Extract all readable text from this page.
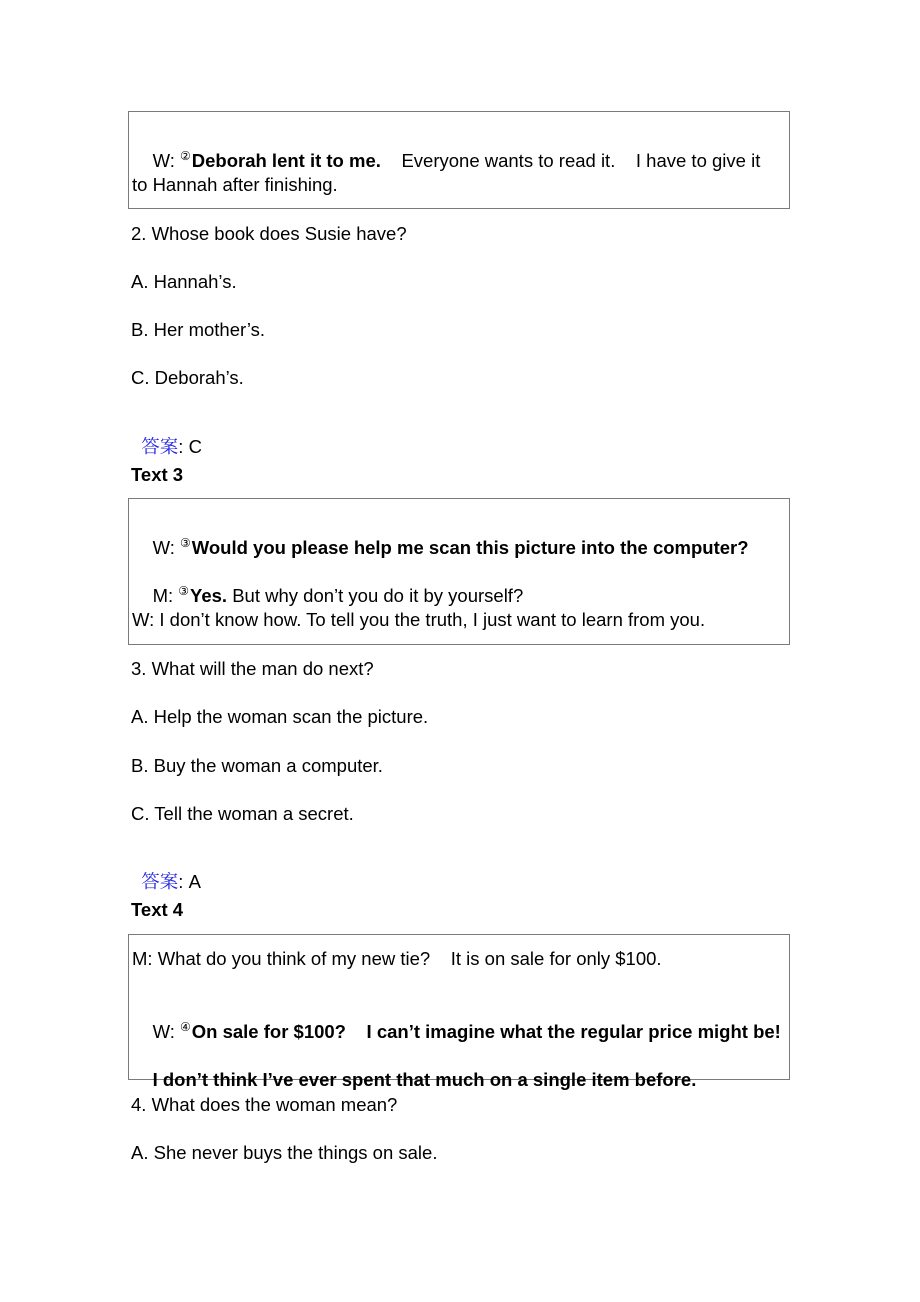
W: ②Deborah lent it to me.    Everyone wants to read it.    I have to give it

to Hannah after finishing.
2. Whose book does Susie have?
A. Hannah’s.
B. Her mother’s.
C. Deborah’s.

答案: C

Text 3

W: ③Would you please help me scan this picture into the computer?

M: ③Yes. But why don’t you do it by yourself?

W: I don’t know how. To tell you the truth, I just want to learn from you.
3. What will the man do next?
A. Help the woman scan the picture.
B. Buy the woman a computer.
C. Tell the woman a secret.

答案: A

Text 4
M: What do you think of my new tie?    It is on sale for only $100.

W: ④On sale for $100?    I can’t imagine what the regular price might be!

I don’t think I’ve ever spent that much on a single item before.

4. What does the woman mean?
A. She never buys the things on sale.
